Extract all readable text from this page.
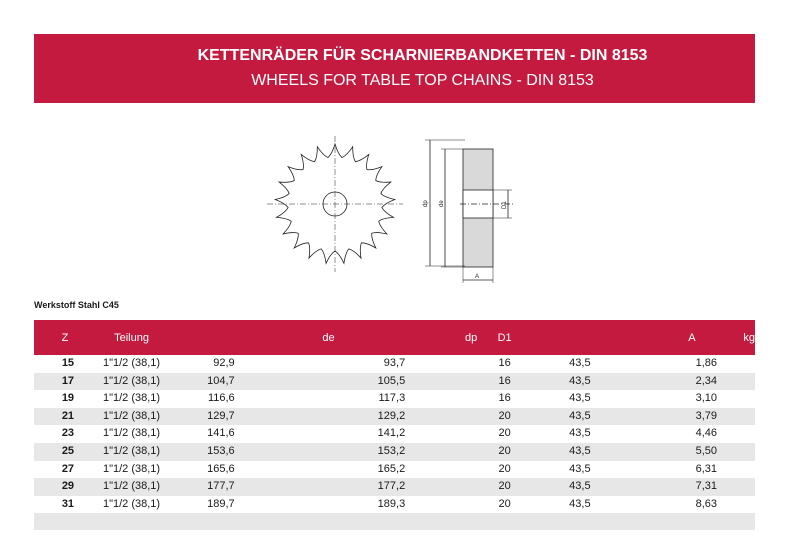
KETTENRÄDER FÜR SCHARNIERBANDKETTEN - DIN 8153
WHEELS FOR TABLE TOP CHAINS - DIN 8153
dp de	D1
A
Werkstoff Stahl C45
Z	Teilung	de	dp	D1	A	kg
15	1"1/2 (38,1)	92,9	93,7	16	43,5	1,86
17	1"1/2 (38,1)	104,7	105,5	16	43,5	2,34
19	1"1/2 (38,1)	116,6	117,3	16	43,5	3,10
21	1"1/2 (38,1)	129,7	129,2	20	43,5	3,79
23	1"1/2 (38,1)	141,6	141,2	20	43,5	4,46
25	1"1/2 (38,1)	153,6	153,2	20	43,5	5,50
27	1"1/2 (38,1)	165,6	165,2	20	43,5	6,31
29	1"1/2 (38,1)	177,7	177,2	20	43,5	7,31
31	1"1/2 (38,1)	189,7	189,3	20	43,5	8,63
